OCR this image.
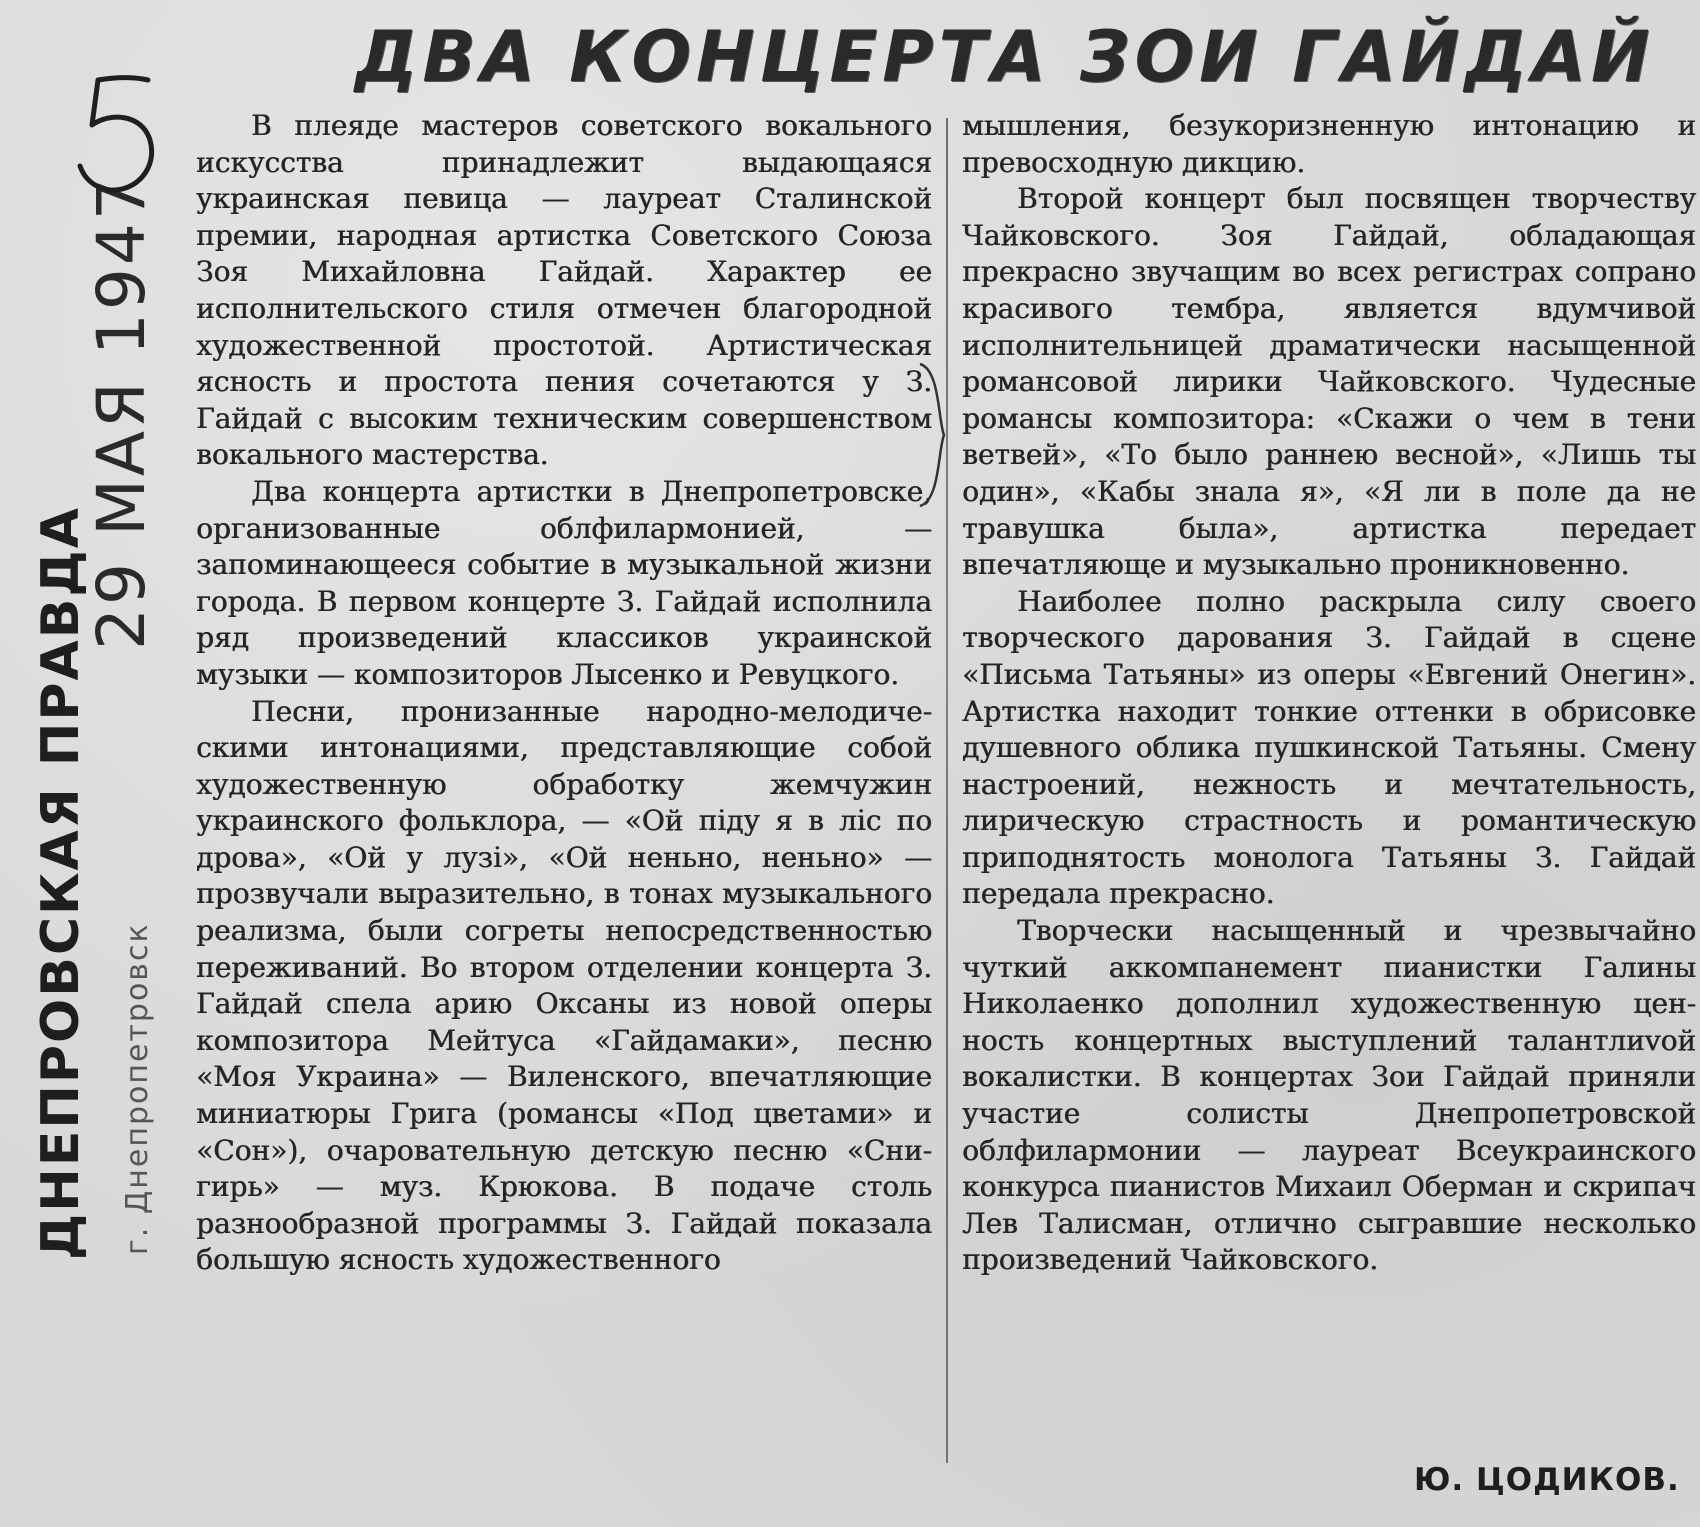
ДВА КОНЦЕРТА ЗОИ ГАЙДАЙ

В плеяде мастеров советского вокального искусства принадлежит выдающаяся украинская певица — лауреат Сталинской премии, народная артистка Советского Союза Зоя Михайловна Гайдай. Характер ее исполнительского стиля отмечен благородной художественной простотой. Артистическая ясность и простота пения сочетаются у З. Гайдай с высоким техническим совершенством вокального мастерства.

Два концерта артистки в Днепропетровске, организованные облфилармонией, — запоминающееся событие в музыкальной жизни города. В первом концерте З. Гайдай исполнила ряд произведений классиков украинской музыки — композиторов Лысенко и Ревуцкого.

Песни, пронизанные народно-мелодическими интонациями, представляющие собой художественную обработку жемчужин украинского фольклора, — «Ой піду я в ліс по дрова», «Ой у лузі», «Ой неньно, неньно» — прозвучали выразительно, в тонах музыкального реализма, были согреты непосредственностью переживаний. Во втором отделении концерта З. Гайдай спела арию Оксаны из новой оперы композитора Мейтуса «Гайдамаки», песню «Моя Украина» — Виленского, впечатляющие миниатюры Грига (романсы «Под цветами» и «Сон»), очаровательную детскую песню «Снигирь» — муз. Крюкова. В подаче столь разнообразной программы З. Гайдай показала большую ясность художественного

мышления, безукоризненную интонацию и превосходную дикцию.

Второй концерт был посвящен творчеству Чайковского. Зоя Гайдай, обладающая прекрасно звучащим во всех регистрах сопрано красивого тембра, является вдумчивой исполнительницей драматически насыщенной романсовой лирики Чайковского. Чудесные романсы композитора: «Скажи о чем в тени ветвей», «То было раннею весной», «Лишь ты один», «Кабы знала я», «Я ли в поле да не травушка была», артистка передает впечатляюще и музыкально проникновенно.

Наиболее полно раскрыла силу своего творческого дарования З. Гайдай в сцене «Письма Татьяны» из оперы «Евгений Онегин». Артистка находит тонкие оттенки в обрисовке душевного облика пушкинской Татьяны. Смену настроений, нежность и мечтательность, лирическую страстность и романтическую приподнятость монолога Татьяны З. Гайдай передала прекрасно.

Творчески насыщенный и чрезвычайно чуткий аккомпанемент пианистки Галины Николаенко дополнил художественную ценность концертных выступлений талантлиvой вокалистки. В концертах Зои Гайдай приняли участие солисты Днепропетровской облфилармонии — лауреат Всеукраинского конкурса пианистов Михаил Оберман и скрипач Лев Талисман, отлично сыгравшие несколько произведений Чайковского.

Ю. ЦОДИКОВ.
ДНЕПРОВСКАЯ ПРАВДА г. Днепропетровск
29 МАЯ 1947
